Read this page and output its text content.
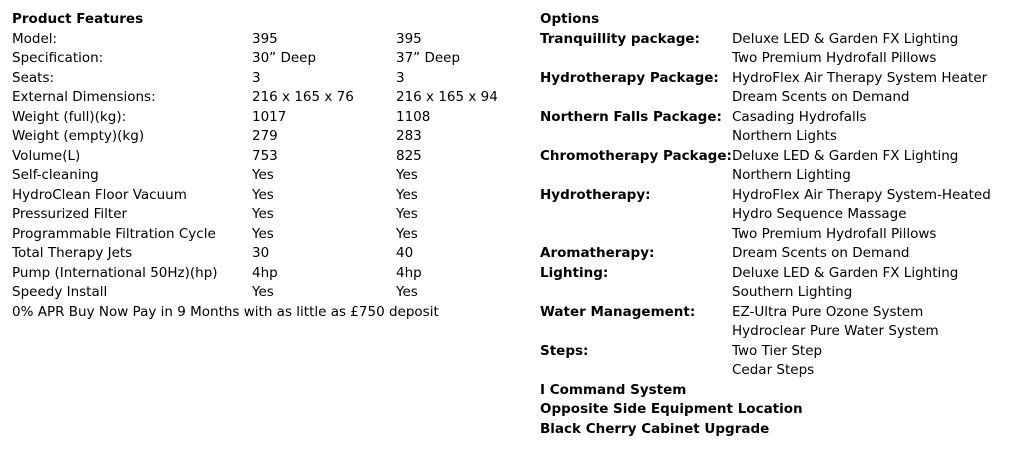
Product Features
Model:	395	395
Specification:	30” Deep	37” Deep
Seats:	3	3
External Dimensions:	216 x 165 x 76	216 x 165 x 94
Weight (full)(kg):	1017	1108
Weight (empty)(kg)	279	283
Volume(L)	753	825
Self-cleaning	Yes	Yes
HydroClean Floor Vacuum	Yes	Yes
Pressurized Filter	Yes	Yes
Programmable Filtration Cycle	Yes	Yes
Total Therapy Jets	30	40
Pump (International 50Hz)(hp)	4hp	4hp
Speedy Install	Yes	Yes
0% APR Buy Now Pay in 9 Months with as little as £750 deposit
Options
Tranquillity package: Deluxe LED & Garden FX Lighting
Two Premium Hydrofall Pillows
Hydrotherapy Package: HydroFlex Air Therapy System Heater
Dream Scents on Demand
Northern Falls Package: Casading Hydrofalls
Northern Lights
Chromotherapy Package: Deluxe LED & Garden FX Lighting
Northern Lighting
Hydrotherapy:	HydroFlex Air Therapy System-Heated
Hydro Sequence Massage
Two Premium Hydrofall Pillows
Aromatherapy:	Dream Scents on Demand
Lighting:	Deluxe LED & Garden FX Lighting
Southern Lighting
Water Management:	EZ-Ultra Pure Ozone System
Hydroclear Pure Water System
Steps:	Two Tier Step
Cedar Steps
I Command System
Opposite Side Equipment Location
Black Cherry Cabinet Upgrade
